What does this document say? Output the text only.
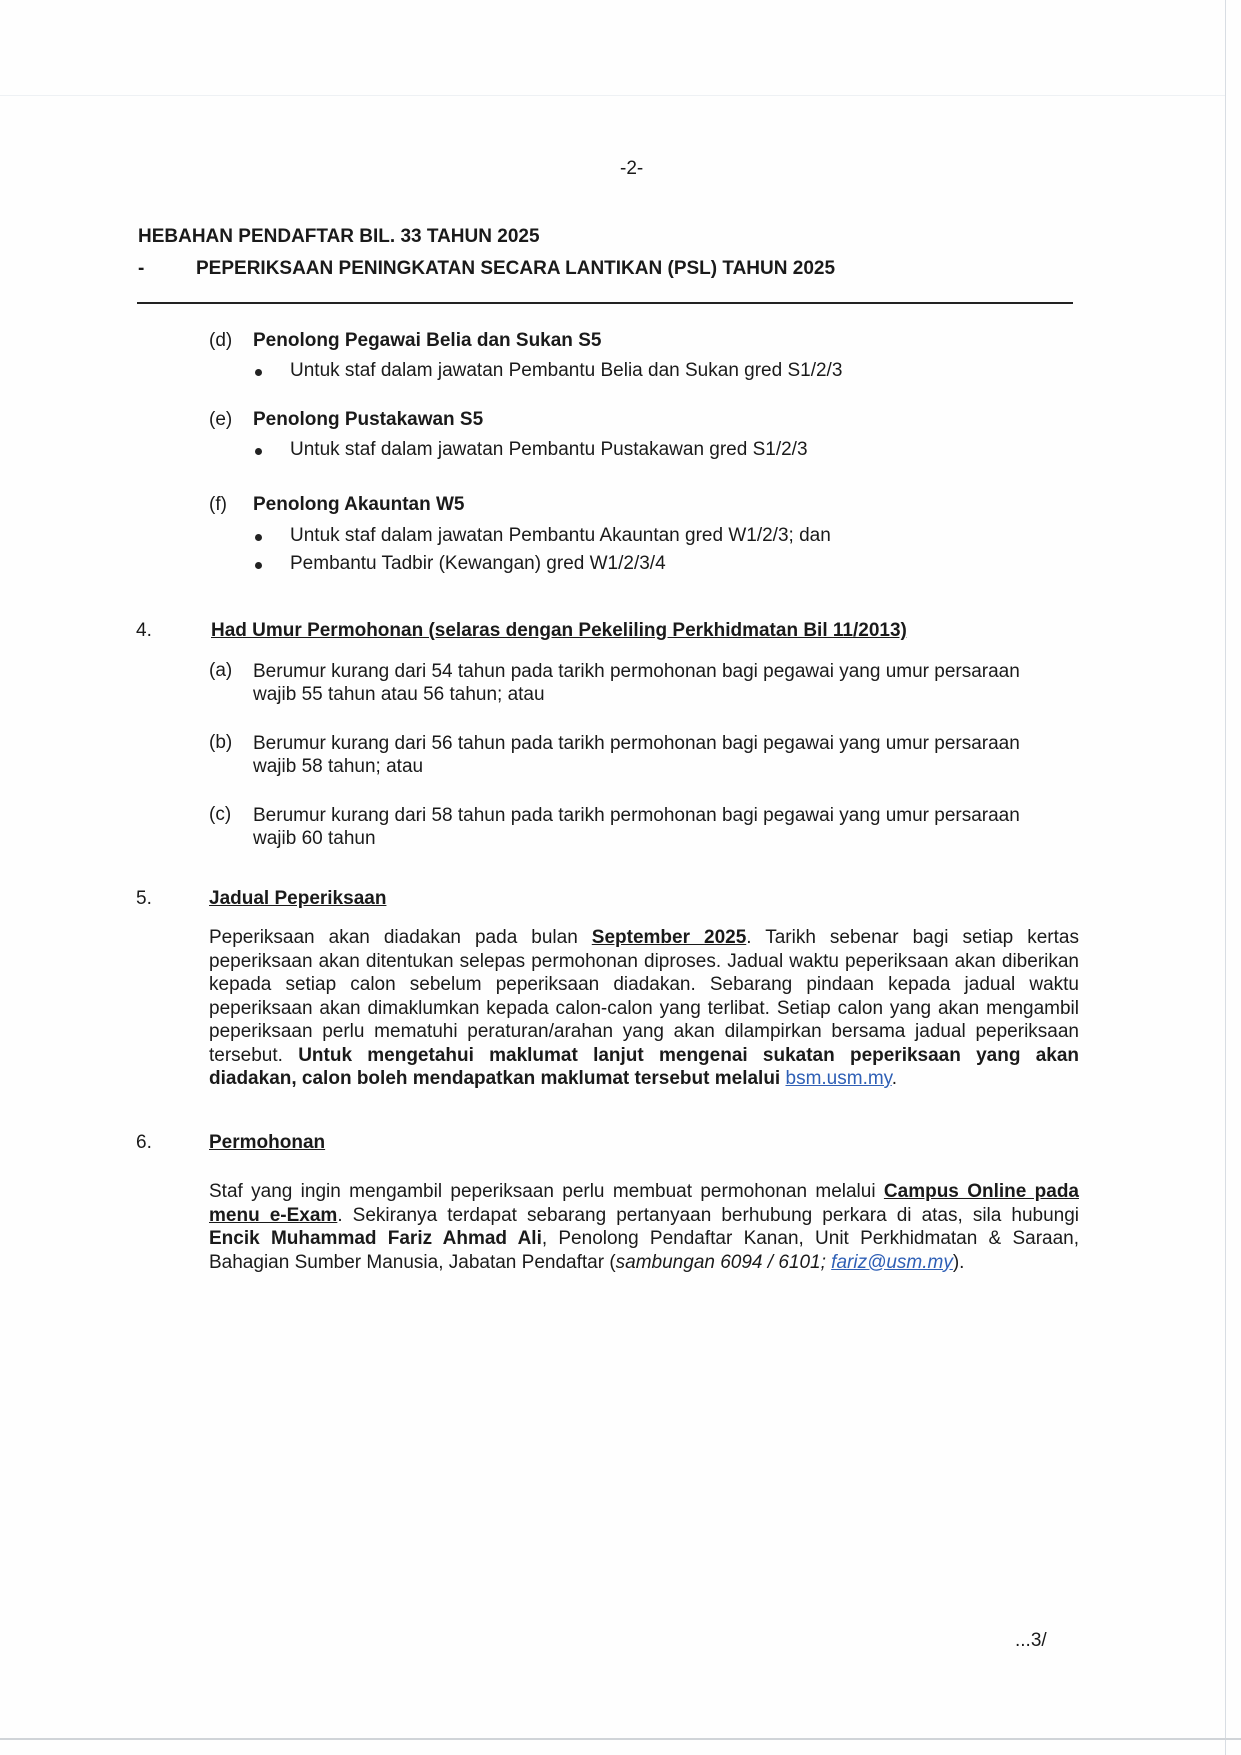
-2-
HEBAHAN PENDAFTAR BIL. 33 TAHUN 2025
-	PEPERIKSAAN PENINGKATAN SECARA LANTIKAN (PSL) TAHUN 2025
(d) Penolong Pegawai Belia dan Sukan S5
Untuk staf dalam jawatan Pembantu Belia dan Sukan gred S1/2/3
(e) Penolong Pustakawan S5
Untuk staf dalam jawatan Pembantu Pustakawan gred S1/2/3
(f) Penolong Akauntan W5
Untuk staf dalam jawatan Pembantu Akauntan gred W1/2/3; dan
Pembantu Tadbir (Kewangan) gred W1/2/3/4
4.	Had Umur Permohonan (selaras dengan Pekeliling Perkhidmatan Bil 11/2013)
(a) Berumur kurang dari 54 tahun pada tarikh permohonan bagi pegawai yang umur persaraan
wajib 55 tahun atau 56 tahun; atau
(b) Berumur kurang dari 56 tahun pada tarikh permohonan bagi pegawai yang umur persaraan
wajib 58 tahun; atau
(c) Berumur kurang dari 58 tahun pada tarikh permohonan bagi pegawai yang umur persaraan
wajib 60 tahun
5.	Jadual Peperiksaan
Peperiksaan akan diadakan pada bulan September 2025. Tarikh sebenar bagi setiap kertas peperiksaan akan ditentukan selepas permohonan diproses. Jadual waktu peperiksaan akan diberikan kepada setiap calon sebelum peperiksaan diadakan. Sebarang pindaan kepada jadual waktu peperiksaan akan dimaklumkan kepada calon-calon yang terlibat. Setiap calon yang akan mengambil peperiksaan perlu mematuhi peraturan/arahan yang akan dilampirkan bersama jadual peperiksaan tersebut. Untuk mengetahui maklumat lanjut mengenai sukatan peperiksaan yang akan diadakan, calon boleh mendapatkan maklumat tersebut melalui bsm.usm.my.
6.	Permohonan
Staf yang ingin mengambil peperiksaan perlu membuat permohonan melalui Campus Online pada menu e-Exam. Sekiranya terdapat sebarang pertanyaan berhubung perkara di atas, sila hubungi Encik Muhammad Fariz Ahmad Ali, Penolong Pendaftar Kanan, Unit Perkhidmatan & Saraan, Bahagian Sumber Manusia, Jabatan Pendaftar (sambungan 6094 / 6101; fariz@usm.my).
...3/
